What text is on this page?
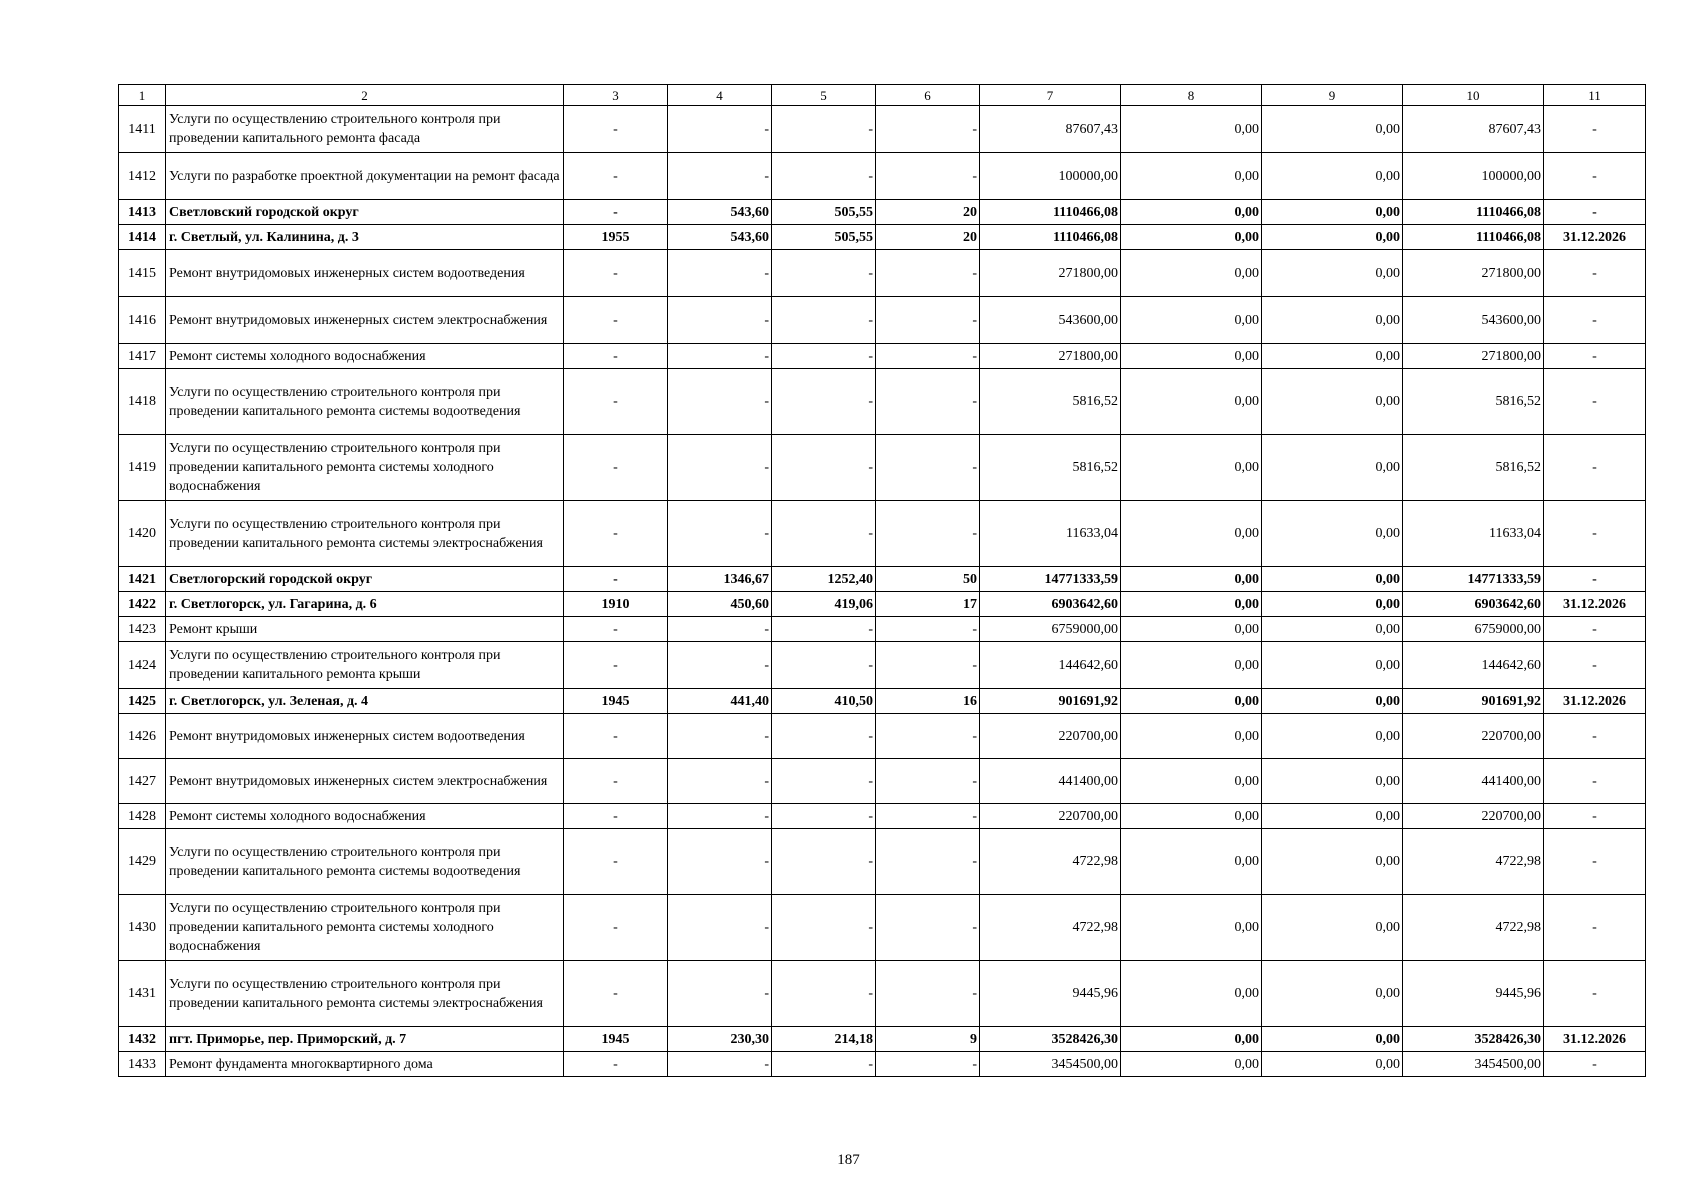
1	2	3	4	5	6	7	8	9	10	11
1411	Услуги по осуществлению строительного контроля при проведении капитального ремонта фасада	-	-	-	-	87607,43	0,00	0,00	87607,43	-
1412	Услуги по разработке проектной документации на ремонт фасада	-	-	-	-	100000,00	0,00	0,00	100000,00	-
1413	Светловский городской округ	-	543,60	505,55	20	1110466,08	0,00	0,00	1110466,08	-
1414	г. Светлый, ул. Калинина, д. 3	1955	543,60	505,55	20	1110466,08	0,00	0,00	1110466,08	31.12.2026
1415	Ремонт внутридомовых инженерных систем водоотведения	-	-	-	-	271800,00	0,00	0,00	271800,00	-
1416	Ремонт внутридомовых инженерных систем электроснабжения	-	-	-	-	543600,00	0,00	0,00	543600,00	-
1417	Ремонт системы холодного водоснабжения	-	-	-	-	271800,00	0,00	0,00	271800,00	-
1418	Услуги по осуществлению строительного контроля при проведении капитального ремонта системы водоотведения	-	-	-	-	5816,52	0,00	0,00	5816,52	-
1419	Услуги по осуществлению строительного контроля при проведении капитального ремонта системы холодного водоснабжения	-	-	-	-	5816,52	0,00	0,00	5816,52	-
1420	Услуги по осуществлению строительного контроля при проведении капитального ремонта системы электроснабжения	-	-	-	-	11633,04	0,00	0,00	11633,04	-
1421	Светлогорский городской округ	-	1346,67	1252,40	50	14771333,59	0,00	0,00	14771333,59	-
1422	г. Светлогорск, ул. Гагарина, д. 6	1910	450,60	419,06	17	6903642,60	0,00	0,00	6903642,60	31.12.2026
1423	Ремонт крыши	-	-	-	-	6759000,00	0,00	0,00	6759000,00	-
1424	Услуги по осуществлению строительного контроля при проведении капитального ремонта крыши	-	-	-	-	144642,60	0,00	0,00	144642,60	-
1425	г. Светлогорск, ул. Зеленая, д. 4	1945	441,40	410,50	16	901691,92	0,00	0,00	901691,92	31.12.2026
1426	Ремонт внутридомовых инженерных систем водоотведения	-	-	-	-	220700,00	0,00	0,00	220700,00	-
1427	Ремонт внутридомовых инженерных систем электроснабжения	-	-	-	-	441400,00	0,00	0,00	441400,00	-
1428	Ремонт системы холодного водоснабжения	-	-	-	-	220700,00	0,00	0,00	220700,00	-
1429	Услуги по осуществлению строительного контроля при проведении капитального ремонта системы водоотведения	-	-	-	-	4722,98	0,00	0,00	4722,98	-
1430	Услуги по осуществлению строительного контроля при проведении капитального ремонта системы холодного водоснабжения	-	-	-	-	4722,98	0,00	0,00	4722,98	-
1431	Услуги по осуществлению строительного контроля при проведении капитального ремонта системы электроснабжения	-	-	-	-	9445,96	0,00	0,00	9445,96	-
1432	пгт. Приморье, пер. Приморский, д. 7	1945	230,30	214,18	9	3528426,30	0,00	0,00	3528426,30	31.12.2026
1433	Ремонт фундамента многоквартирного дома	-	-	-	-	3454500,00	0,00	0,00	3454500,00	-
187
